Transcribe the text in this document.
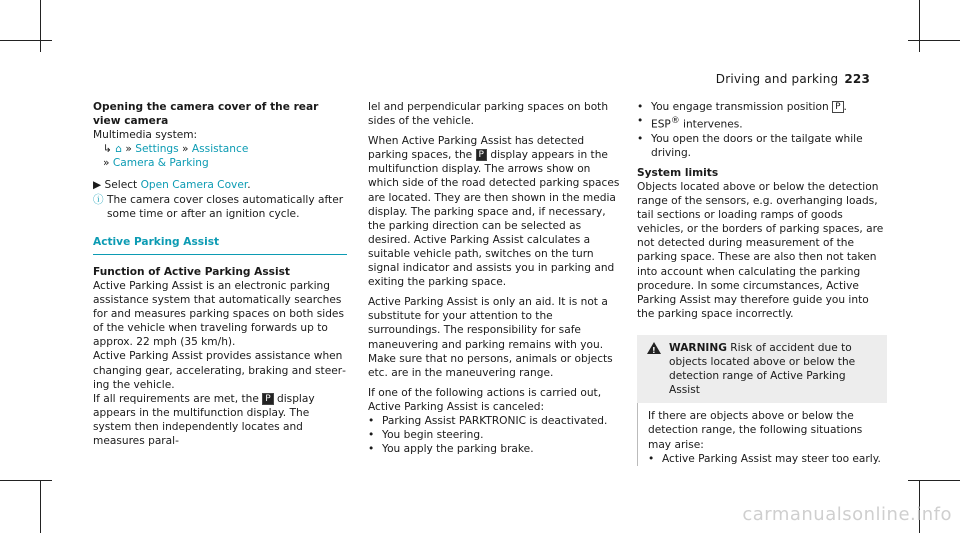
Driving and parking 223

Opening the camera cover of the rear view camera

Multimedia system:

↳ ⌂ » Settings » Assistance

» Camera & Parking

▶ Select Open Camera Cover.

ⓘ The camera cover closes automatically after some time or after an ignition cycle.

Active Parking Assist

Function of Active Parking Assist

Active Parking Assist is an electronic parking assistance system that automatically searches for and measures parking spaces on both sides of the vehicle when traveling forwards up to approx. 22 mph (35 km/h).

Active Parking Assist provides assistance when changing gear, accelerating, braking and steering the vehicle.

If all requirements are met, the P display appears in the multifunction display. The system then independently locates and measures paral-

lel and perpendicular parking spaces on both sides of the vehicle.

When Active Parking Assist has detected parking spaces, the P display appears in the multifunction display. The arrows show on which side of the road detected parking spaces are located. They are then shown in the media display. The parking space and, if necessary, the parking direction can be selected as desired. Active Parking Assist calculates a suitable vehicle path, switches on the turn signal indicator and assists you in parking and exiting the parking space.

Active Parking Assist is only an aid. It is not a substitute for your attention to the surroundings. The responsibility for safe maneuvering and parking remains with you. Make sure that no persons, animals or objects etc. are in the maneuvering range.

If one of the following actions is carried out, Active Parking Assist is canceled:

• Parking Assist PARKTRONIC is deactivated.
• You begin steering.
• You apply the parking brake.
• You engage transmission position P .
• ESP® intervenes.
• You open the doors or the tailgate while driving.

System limits

Objects located above or below the detection range of the sensors, e.g. overhanging loads, tail sections or loading ramps of goods vehicles, or the borders of parking spaces, are not detected during measurement of the parking space. These are also then not taken into account when calculating the parking procedure. In some circumstances, Active Parking Assist may therefore guide you into the parking space incorrectly.

! WARNING Risk of accident due to objects located above or below the detection range of Active Parking Assist

If there are objects above or below the detection range, the following situations may arise:

• Active Parking Assist may steer too early.
carmanualsonline.info
